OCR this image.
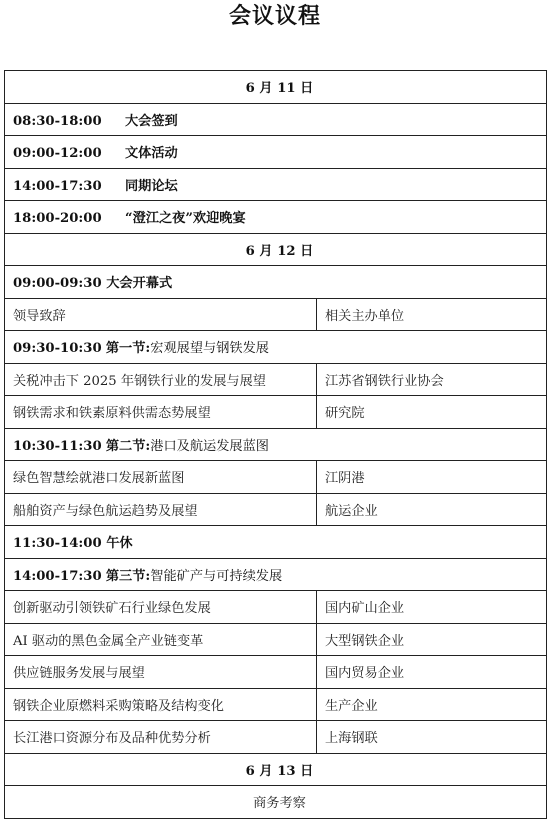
会议议程
6 月 11 日	
08:30-18:00 大会签到	
09:00-12:00 文体活动	
14:00-17:30 同期论坛	
18:00-20:00 “澄江之夜”欢迎晚宴	
6 月 12 日	
09:00-09:30 大会开幕式	
领导致辞	相关主办单位
09:30-10:30 第一节:宏观展望与钢铁发展	
关税冲击下 2025 年钢铁行业的发展与展望	江苏省钢铁行业协会
钢铁需求和铁素原料供需态势展望	研究院
10:30-11:30 第二节:港口及航运发展蓝图	
绿色智慧绘就港口发展新蓝图	江阴港
船舶资产与绿色航运趋势及展望	航运企业
11:30-14:00 午休	
14:00-17:30 第三节:智能矿产与可持续发展	
创新驱动引领铁矿石行业绿色发展	国内矿山企业
AI 驱动的黑色金属全产业链变革	大型钢铁企业
供应链服务发展与展望	国内贸易企业
钢铁企业原燃料采购策略及结构变化	生产企业
长江港口资源分布及品种优势分析	上海钢联
6 月 13 日	
商务考察	
